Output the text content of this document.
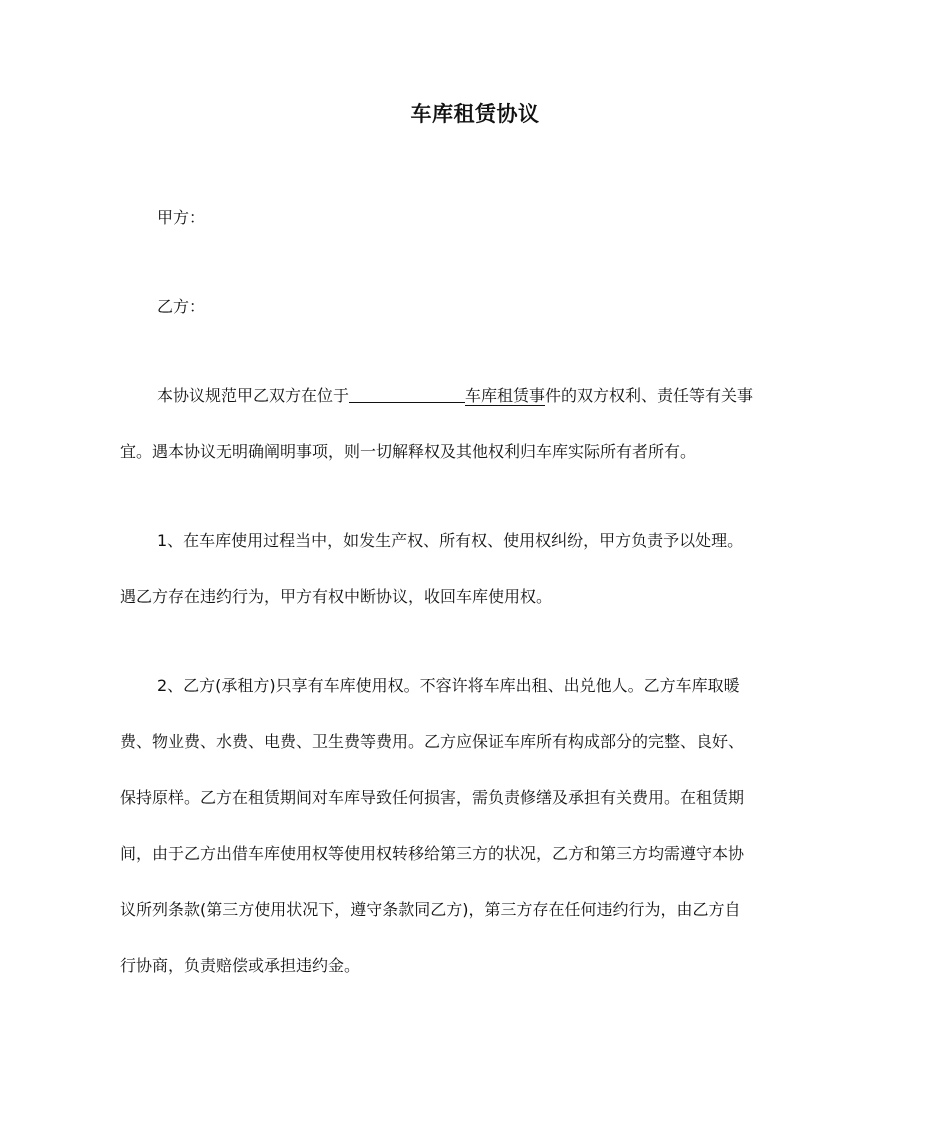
车库租赁协议
甲方：
乙方：
本协议规范甲乙双方在位于	车库租赁事件的双方权利、责任等有关事
宜。遇本协议无明确阐明事项，则一切解释权及其他权利归车库实际所有者所有。
1、在车库使用过程当中，如发生产权、所有权、使用权纠纷，甲方负责予以处理。
遇乙方存在违约行为，甲方有权中断协议，收回车库使用权。
2、乙方(承租方)只享有车库使用权。不容许将车库出租、出兑他人。乙方车库取暖
费、物业费、水费、电费、卫生费等费用。乙方应保证车库所有构成部分的完整、良好、
保持原样。乙方在租赁期间对车库导致任何损害，需负责修缮及承担有关费用。在租赁期
间，由于乙方出借车库使用权等使用权转移给第三方的状况，乙方和第三方均需遵守本协
议所列条款(第三方使用状况下，遵守条款同乙方)，第三方存在任何违约行为，由乙方自
行协商，负责赔偿或承担违约金。
